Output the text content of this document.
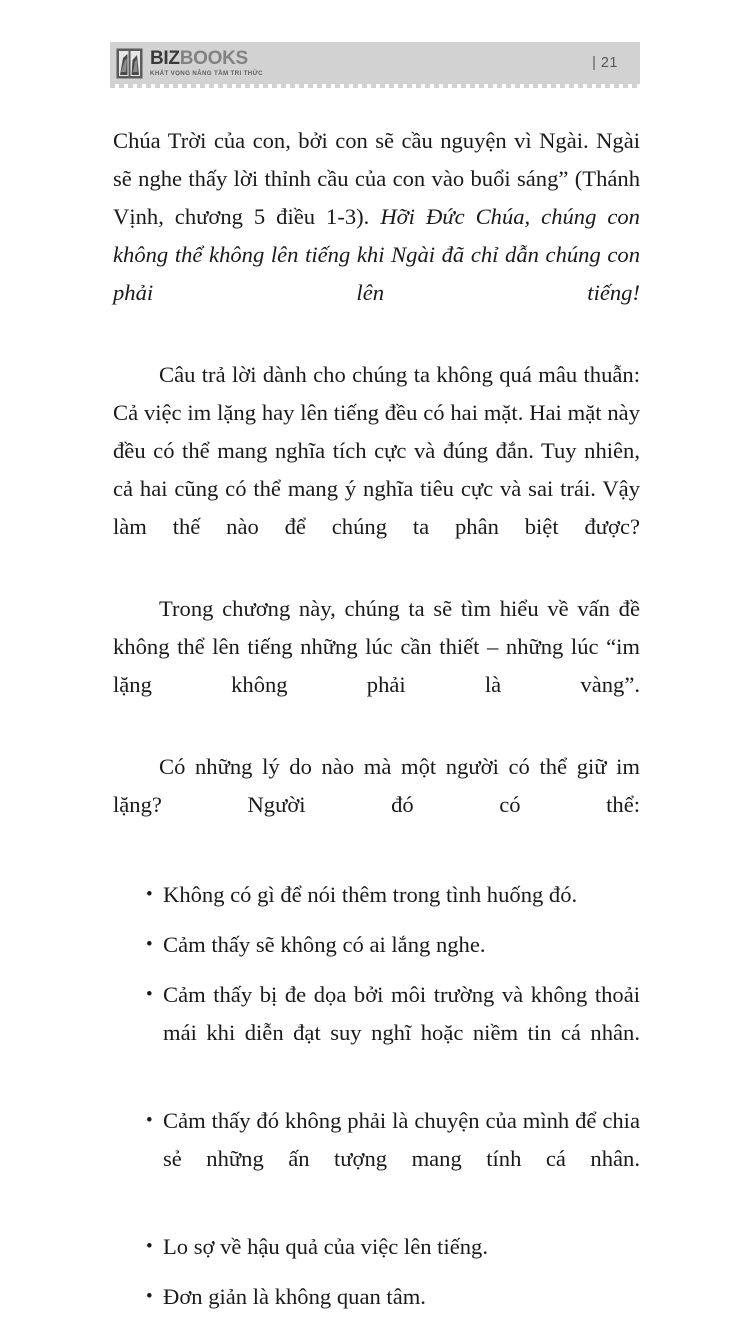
BIZBOOKS
KHÁT VỌNG NÂNG TẦM TRI THỨC
| 21

Chúa Trời của con, bởi con sẽ cầu nguyện vì Ngài. Ngài sẽ nghe thấy lời thỉnh cầu của con vào buổi sáng” (Thánh Vịnh, chương 5 điều 1-3). Hỡi Đức Chúa, chúng con không thể không lên tiếng khi Ngài đã chỉ dẫn chúng con phải lên tiếng!

Câu trả lời dành cho chúng ta không quá mâu thuẫn: Cả việc im lặng hay lên tiếng đều có hai mặt. Hai mặt này đều có thể mang nghĩa tích cực và đúng đắn. Tuy nhiên, cả hai cũng có thể mang ý nghĩa tiêu cực và sai trái. Vậy làm thế nào để chúng ta phân biệt được?

Trong chương này, chúng ta sẽ tìm hiểu về vấn đề không thể lên tiếng những lúc cần thiết – những lúc “im lặng không phải là vàng”.

Có những lý do nào mà một người có thể giữ im lặng? Người đó có thể:

• Không có gì để nói thêm trong tình huống đó.
• Cảm thấy sẽ không có ai lắng nghe.
• Cảm thấy bị đe dọa bởi môi trường và không thoải mái khi diễn đạt suy nghĩ hoặc niềm tin cá nhân.
• Cảm thấy đó không phải là chuyện của mình để chia sẻ những ấn tượng mang tính cá nhân.
• Lo sợ về hậu quả của việc lên tiếng.
• Đơn giản là không quan tâm.
